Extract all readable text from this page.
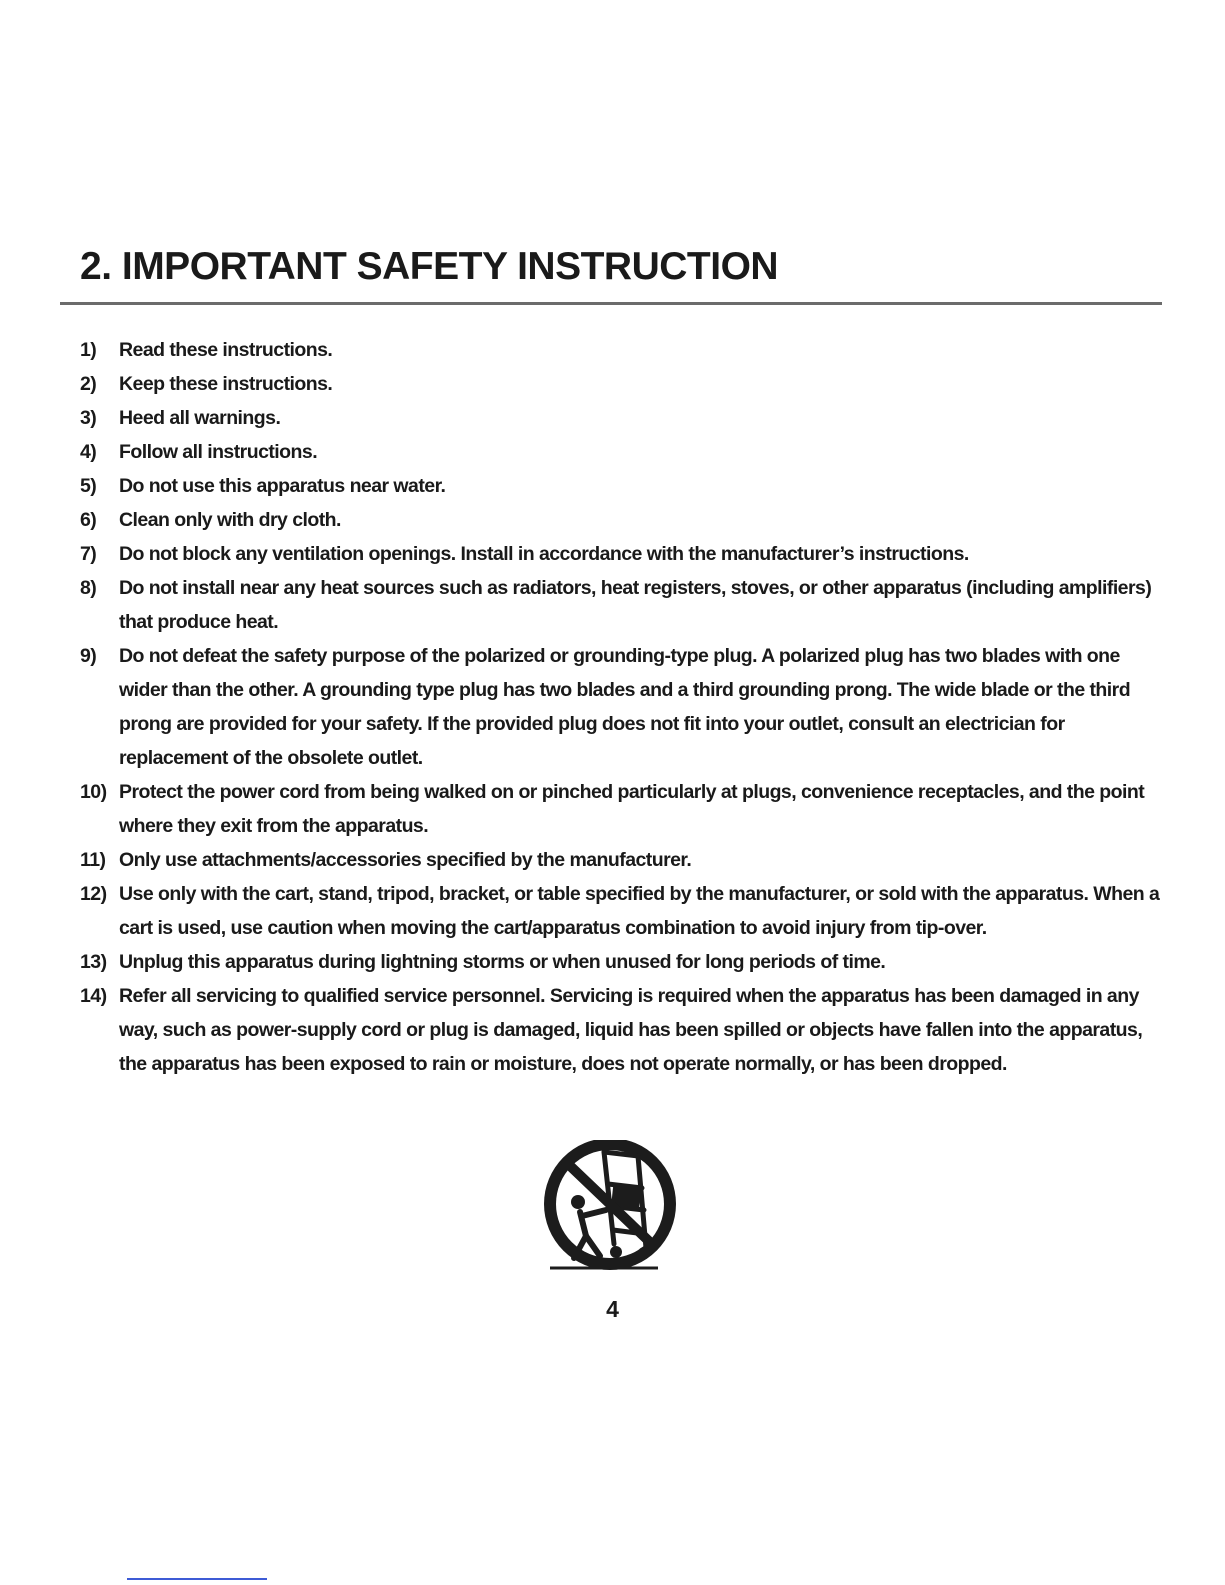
2. IMPORTANT SAFETY INSTRUCTION
1)	Read these instructions.
2)	Keep these instructions.
3)	Heed all warnings.
4)	Follow all instructions.
5)	Do not use this apparatus near water.
6)	Clean only with dry cloth.
7)	Do not block any ventilation openings. Install in accordance with the manufacturer’s instructions.
8)	Do not install near any heat sources such as radiators, heat registers, stoves, or other apparatus (including amplifiers) that produce heat.
9)	Do not defeat the safety purpose of the polarized or grounding-type plug. A polarized plug has two blades with one wider than the other. A grounding type plug has two blades and a third grounding prong. The wide blade or the third prong are provided for your safety. If the provided plug does not fit into your outlet, consult an electrician for replacement of the obsolete outlet.
10) Protect the power cord from being walked on or pinched particularly at plugs, convenience receptacles, and the point where they exit from the apparatus.
11) Only use attachments/accessories specified by the manufacturer.
12) Use only with the cart, stand, tripod, bracket, or table specified by the manufacturer, or sold with the apparatus. When a cart is used, use caution when moving the cart/apparatus combination to avoid injury from tip-over.
13) Unplug this apparatus during lightning storms or when unused for long periods of time.
14) Refer all servicing to qualified service personnel. Servicing is required when the apparatus has been damaged in any way, such as power-supply cord or plug is damaged, liquid has been spilled or objects have fallen into the apparatus, the apparatus has been exposed to rain or moisture, does not operate normally, or has been dropped.
4
